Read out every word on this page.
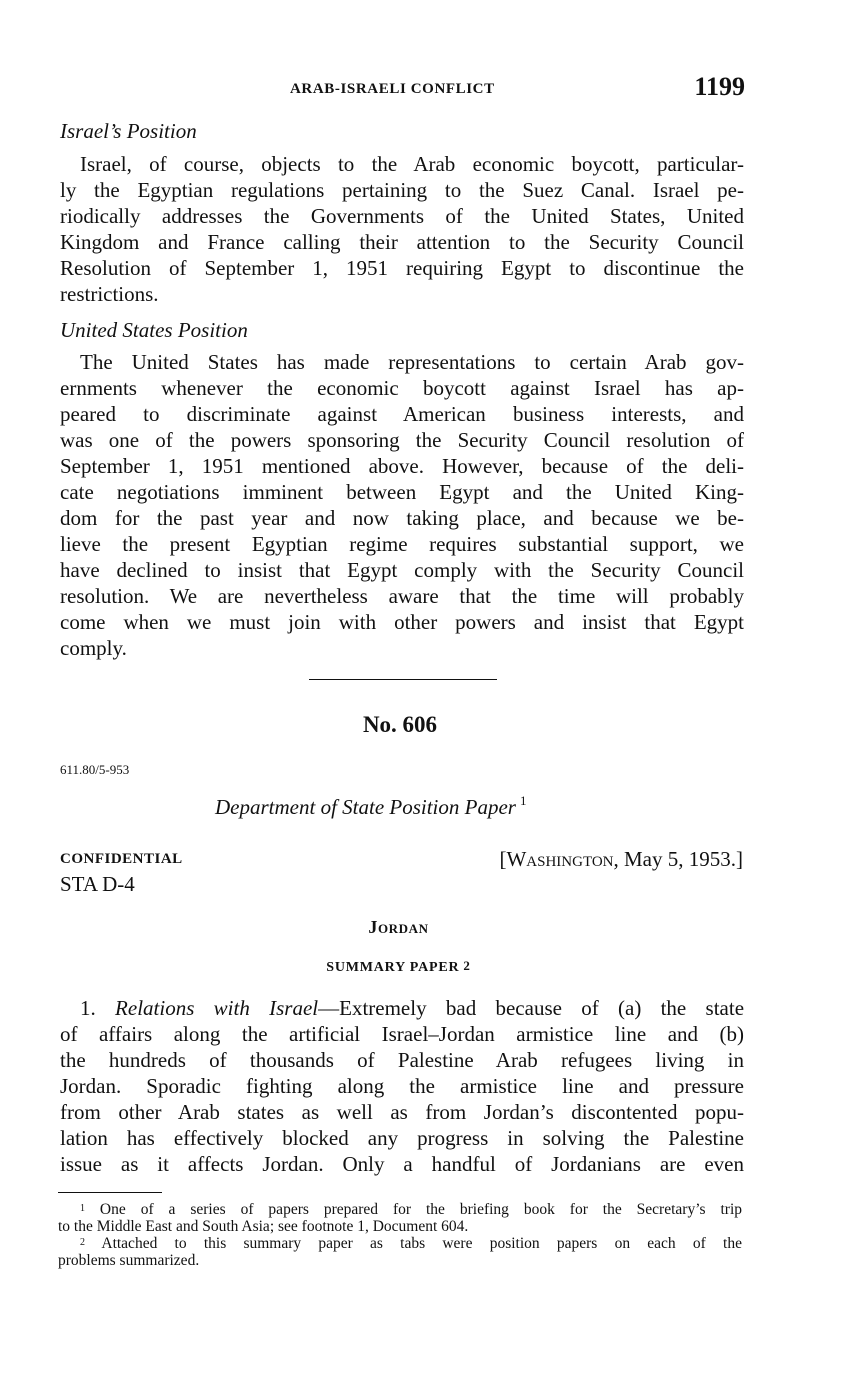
ARAB-ISRAELI CONFLICT	1199
Israel’s Position
Israel, of course, objects to the Arab economic boycott, particular-
ly the Egyptian regulations pertaining to the Suez Canal. Israel pe-
riodically addresses the Governments of the United States, United
Kingdom and France calling their attention to the Security Council
Resolution of September 1, 1951 requiring Egypt to discontinue the
restrictions.
United States Position
The United States has made representations to certain Arab gov-
ernments whenever the economic boycott against Israel has ap-
peared to discriminate against American business interests, and
was one of the powers sponsoring the Security Council resolution of
September 1, 1951 mentioned above. However, because of the deli-
cate negotiations imminent between Egypt and the United King-
dom for the past year and now taking place, and because we be-
lieve the present Egyptian regime requires substantial support, we
have declined to insist that Egypt comply with the Security Council
resolution. We are nevertheless aware that the time will probably
come when we must join with other powers and insist that Egypt
comply.
No. 606
611.80/5-953
Department of State Position Paper $^1$
CONFIDENTIAL
STA D-4
[Washington, May 5, 1953.]
Jordan
SUMMARY PAPER $^2$
1. Relations with Israel—Extremely bad because of (a) the state
of affairs along the artificial Israel–Jordan armistice line and (b)
the hundreds of thousands of Palestine Arab refugees living in
Jordan. Sporadic fighting along the armistice line and pressure
from other Arab states as well as from Jordan’s discontented popu-
lation has effectively blocked any progress in solving the Palestine
issue as it affects Jordan. Only a handful of Jordanians are even
$^1$ One of a series of papers prepared for the briefing book for the Secretary’s trip
to the Middle East and South Asia; see footnote 1, Document 604.
$^2$ Attached to this summary paper as tabs were position papers on each of the
problems summarized.
